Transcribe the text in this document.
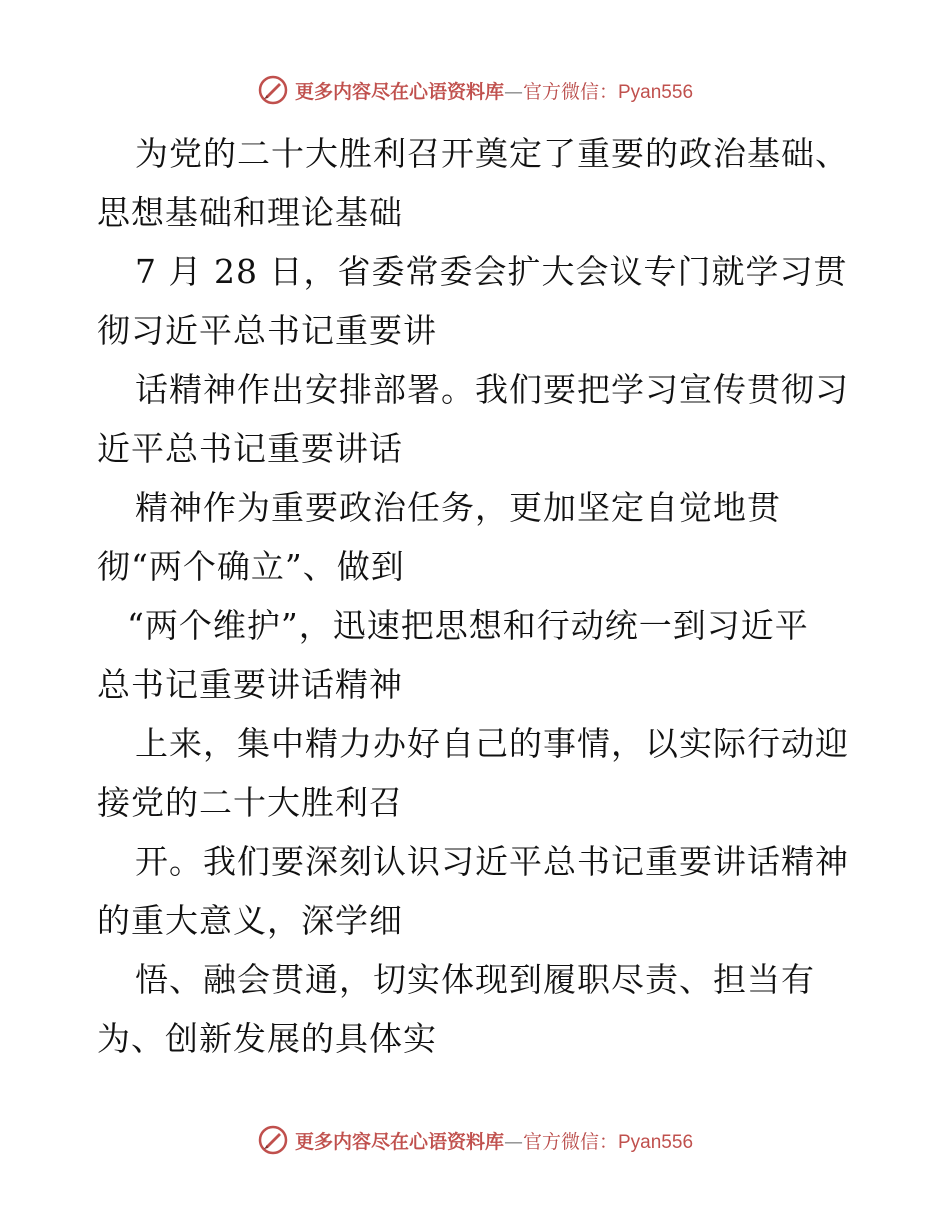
更多内容尽在心语资料库—官方微信：Pyan556
为党的二十大胜利召开奠定了重要的政治基础、
思想基础和理论基础
7 月 28 日，省委常委会扩大会议专门就学习贯
彻习近平总书记重要讲
话精神作出安排部署。我们要把学习宣传贯彻习
近平总书记重要讲话
精神作为重要政治任务，更加坚定自觉地贯
彻“两个确立”、做到
“两个维护”，迅速把思想和行动统一到习近平
总书记重要讲话精神
上来，集中精力办好自己的事情，以实际行动迎
接党的二十大胜利召
开。我们要深刻认识习近平总书记重要讲话精神
的重大意义，深学细
悟、融会贯通，切实体现到履职尽责、担当有
为、创新发展的具体实
更多内容尽在心语资料库—官方微信：Pyan556
